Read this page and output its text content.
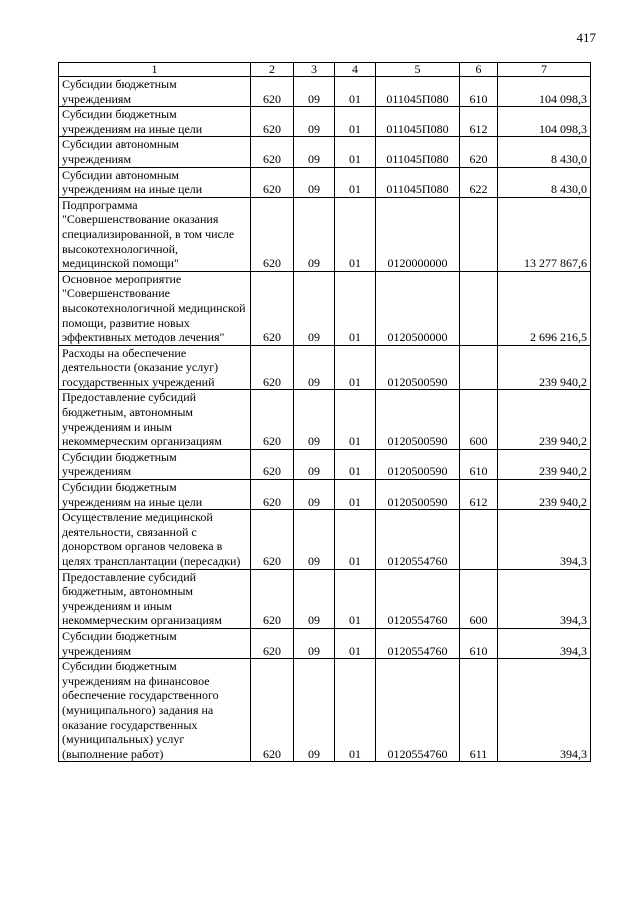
417
1	2	3	4	5	6	7
Субсидии бюджетным учреждениям	620	09	01	011045П080	610	104 098,3
Субсидии бюджетным учреждениям на иные цели	620	09	01	011045П080	612	104 098,3
Субсидии автономным учреждениям	620	09	01	011045П080	620	8 430,0
Субсидии автономным учреждениям на иные цели	620	09	01	011045П080	622	8 430,0
Подпрограмма "Совершенствование оказания специализированной, в том числе высокотехнологичной, медицинской помощи"	620	09	01	0120000000		13 277 867,6
Основное мероприятие "Совершенствование высокотехнологичной медицинской помощи, развитие новых эффективных методов лечения"	620	09	01	0120500000		2 696 216,5
Расходы на обеспечение деятельности (оказание услуг) государственных учреждений	620	09	01	0120500590		239 940,2
Предоставление субсидий бюджетным, автономным учреждениям и иным некоммерческим организациям	620	09	01	0120500590	600	239 940,2
Субсидии бюджетным учреждениям	620	09	01	0120500590	610	239 940,2
Субсидии бюджетным учреждениям на иные цели	620	09	01	0120500590	612	239 940,2
Осуществление медицинской деятельности, связанной с донорством органов человека в целях трансплантации (пересадки)	620	09	01	0120554760		394,3
Предоставление субсидий бюджетным, автономным учреждениям и иным некоммерческим организациям	620	09	01	0120554760	600	394,3
Субсидии бюджетным учреждениям	620	09	01	0120554760	610	394,3
Субсидии бюджетным учреждениям на финансовое обеспечение государственного (муниципального) задания на оказание государственных (муниципальных) услуг (выполнение работ)	620	09	01	0120554760	611	394,3
